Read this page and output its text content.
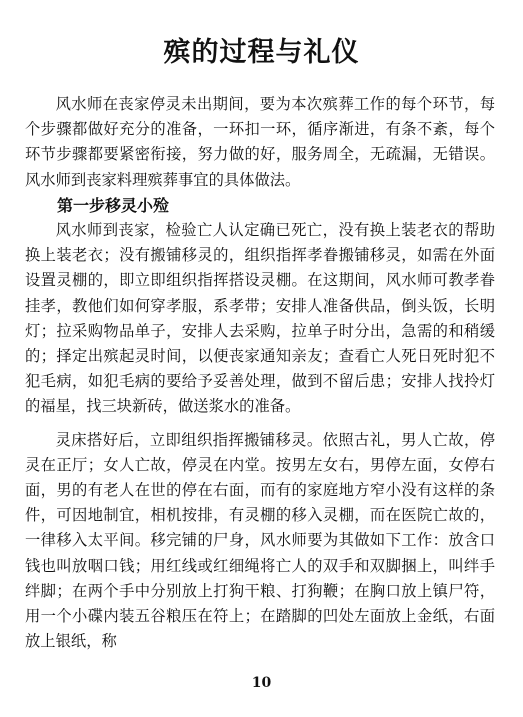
殡的过程与礼仪

风水师在丧家停灵未出期间，要为本次殡葬工作的每个环节，每个步骤都做好充分的准备，一环扣一环，循序渐进，有条不紊，每个环节步骤都要紧密衔接，努力做的好，服务周全，无疏漏，无错误。风水师到丧家料理殡葬事宜的具体做法。

第一步移灵小殓

风水师到丧家，检验亡人认定确已死亡，没有换上装老衣的帮助换上装老衣；没有搬铺移灵的，组织指挥孝眷搬铺移灵，如需在外面设置灵棚的，即立即组织指挥搭设灵棚。在这期间，风水师可教孝眷挂孝，教他们如何穿孝服，系孝带；安排人准备供品，倒头饭，长明灯；拉采购物品单子，安排人去采购，拉单子时分出，急需的和稍缓的；择定出殡起灵时间，以便丧家通知亲友；查看亡人死日死时犯不犯毛病，如犯毛病的要给予妥善处理，做到不留后患；安排人找拎灯的福星，找三块新砖，做送浆水的准备。

灵床搭好后，立即组织指挥搬铺移灵。依照古礼，男人亡故，停灵在正厅；女人亡故，停灵在内堂。按男左女右，男停左面，女停右面，男的有老人在世的停在右面，而有的家庭地方窄小没有这样的条件，可因地制宜，相机按排，有灵棚的移入灵棚，而在医院亡故的，一律移入太平间。移完铺的尸身，风水师要为其做如下工作：放含口钱也叫放咽口钱；用红线或红细绳将亡人的双手和双脚捆上，叫绊手绊脚；在两个手中分别放上打狗干粮、打狗鞭；在胸口放上镇尸符，用一个小碟内装五谷粮压在符上；在踏脚的凹处左面放上金纸，右面放上银纸，称

10
